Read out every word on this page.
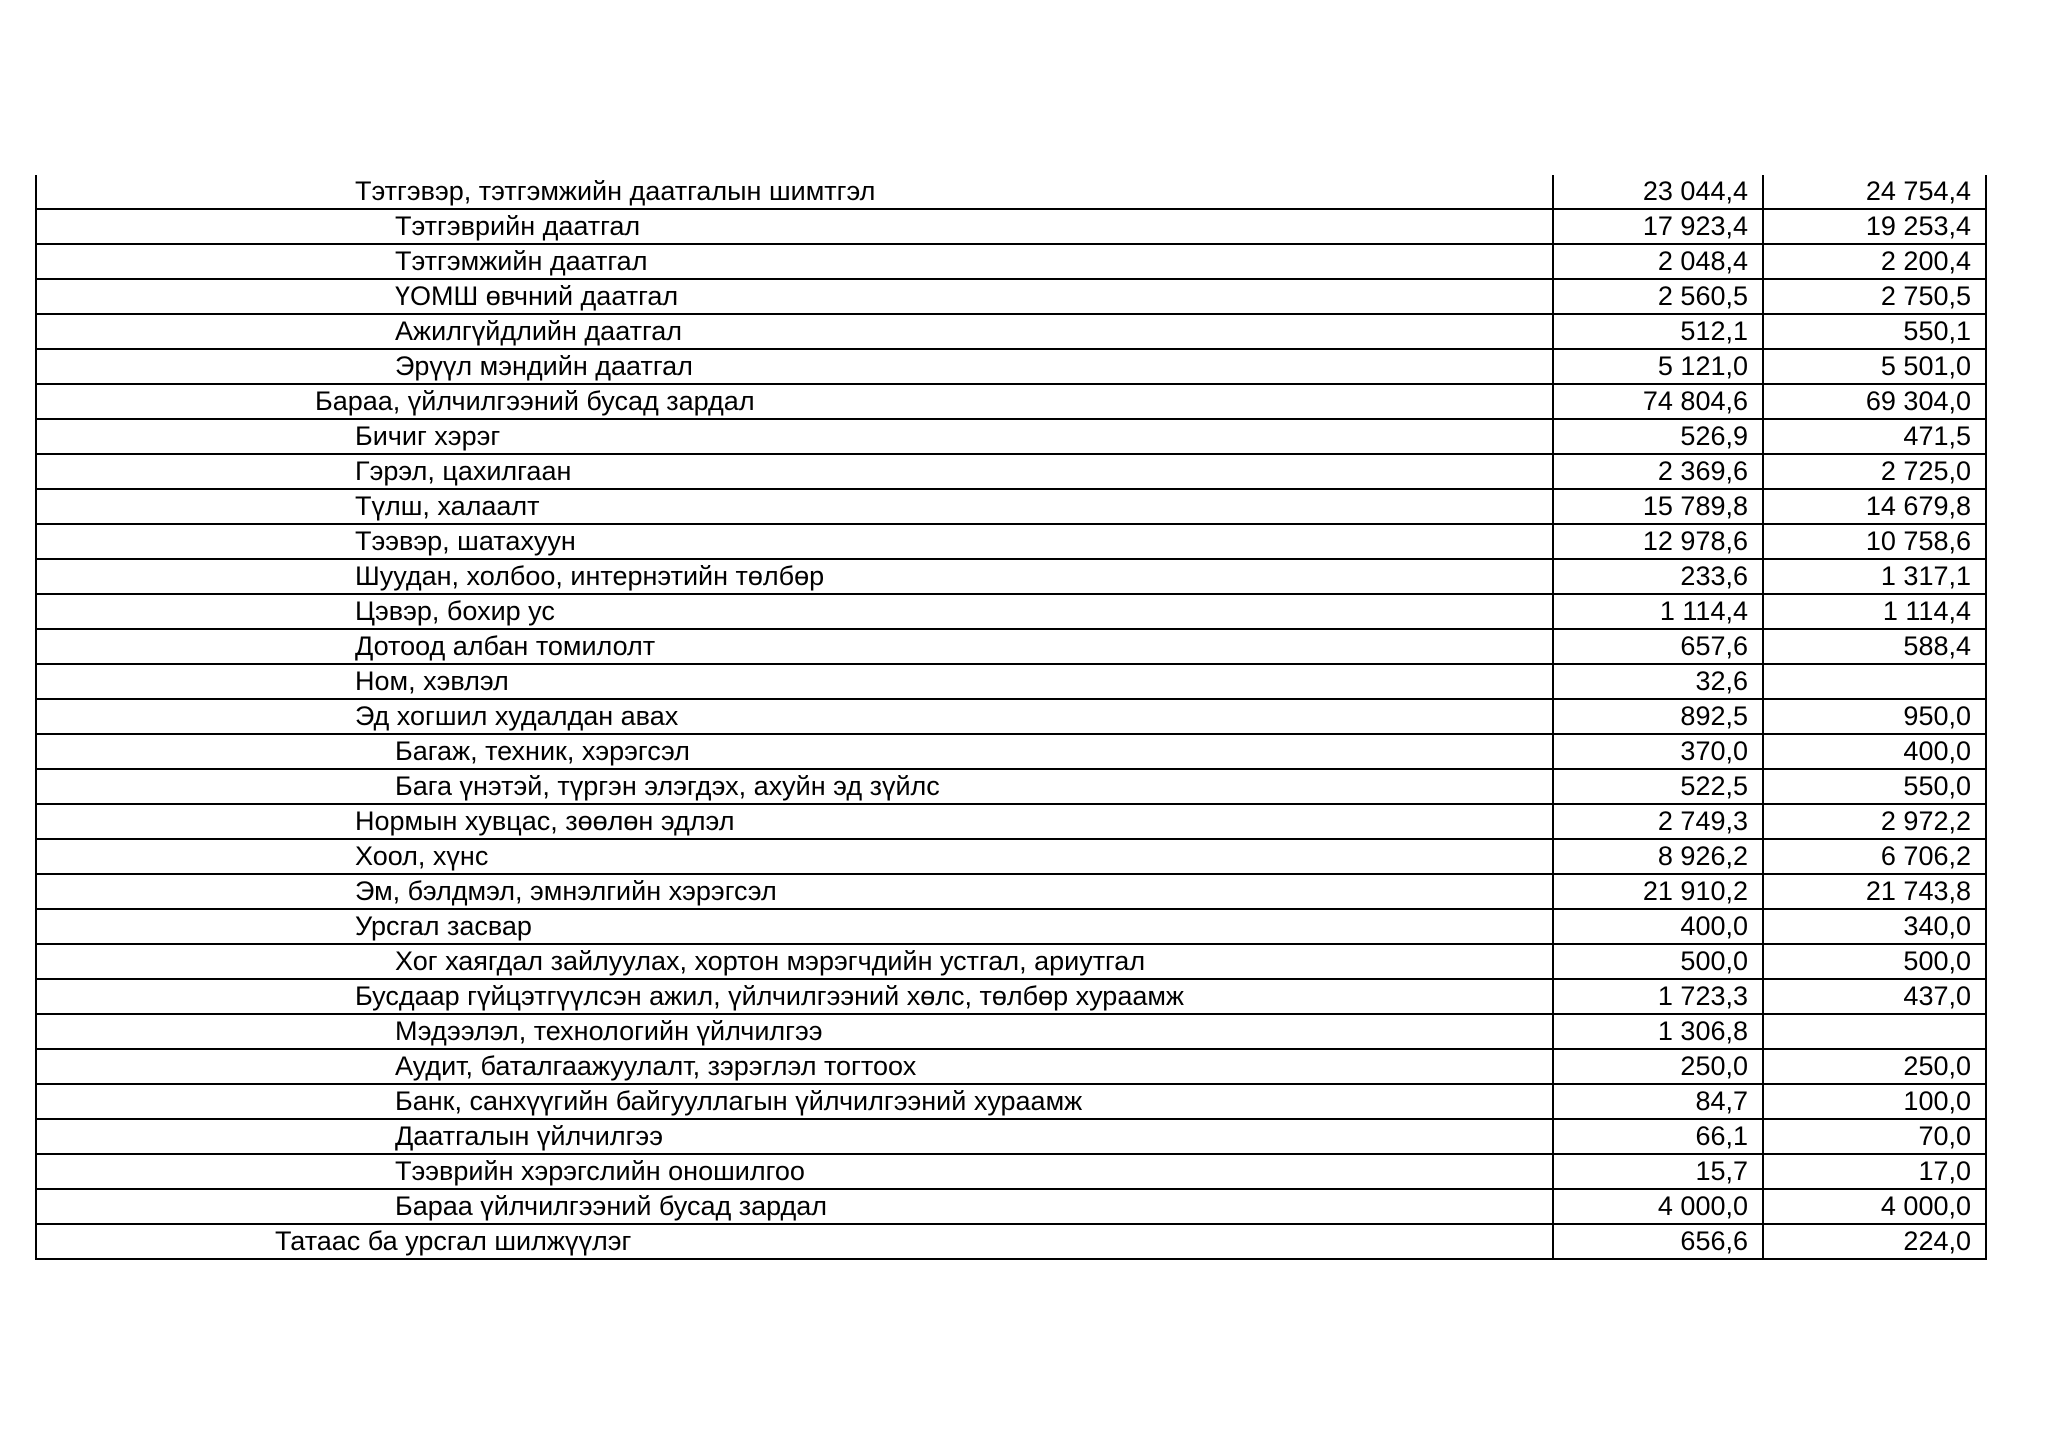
Тэтгэвэр, тэтгэмжийн даатгалын шимтгэл	23 044,4	24 754,4
Тэтгэврийн даатгал	17 923,4	19 253,4
Тэтгэмжийн даатгал	2 048,4	2 200,4
ҮОМШ өвчний даатгал	2 560,5	2 750,5
Ажилгүйдлийн даатгал	512,1	550,1
Эрүүл мэндийн даатгал	5 121,0	5 501,0
Бараа, үйлчилгээний бусад зардал	74 804,6	69 304,0
Бичиг хэрэг	526,9	471,5
Гэрэл, цахилгаан	2 369,6	2 725,0
Түлш, халаалт	15 789,8	14 679,8
Тээвэр, шатахуун	12 978,6	10 758,6
Шуудан, холбоо, интернэтийн төлбөр	233,6	1 317,1
Цэвэр, бохир ус	1 114,4	1 114,4
Дотоод албан томилолт	657,6	588,4
Ном, хэвлэл	32,6	
Эд хогшил худалдан авах	892,5	950,0
Багаж, техник, хэрэгсэл	370,0	400,0
Бага үнэтэй, түргэн элэгдэх, ахуйн эд зүйлс	522,5	550,0
Нормын хувцас, зөөлөн эдлэл	2 749,3	2 972,2
Хоол, хүнс	8 926,2	6 706,2
Эм, бэлдмэл, эмнэлгийн хэрэгсэл	21 910,2	21 743,8
Урсгал засвар	400,0	340,0
Хог хаягдал зайлуулах, хортон мэрэгчдийн устгал, ариутгал	500,0	500,0
Бусдаар гүйцэтгүүлсэн ажил, үйлчилгээний хөлс, төлбөр хураамж	1 723,3	437,0
Мэдээлэл, технологийн үйлчилгээ	1 306,8	
Аудит, баталгаажуулалт, зэрэглэл тогтоох	250,0	250,0
Банк, санхүүгийн байгууллагын үйлчилгээний хураамж	84,7	100,0
Даатгалын үйлчилгээ	66,1	70,0
Тээврийн хэрэгслийн оношилгоо	15,7	17,0
Бараа үйлчилгээний бусад зардал	4 000,0	4 000,0
Татаас ба урсгал шилжүүлэг	656,6	224,0
